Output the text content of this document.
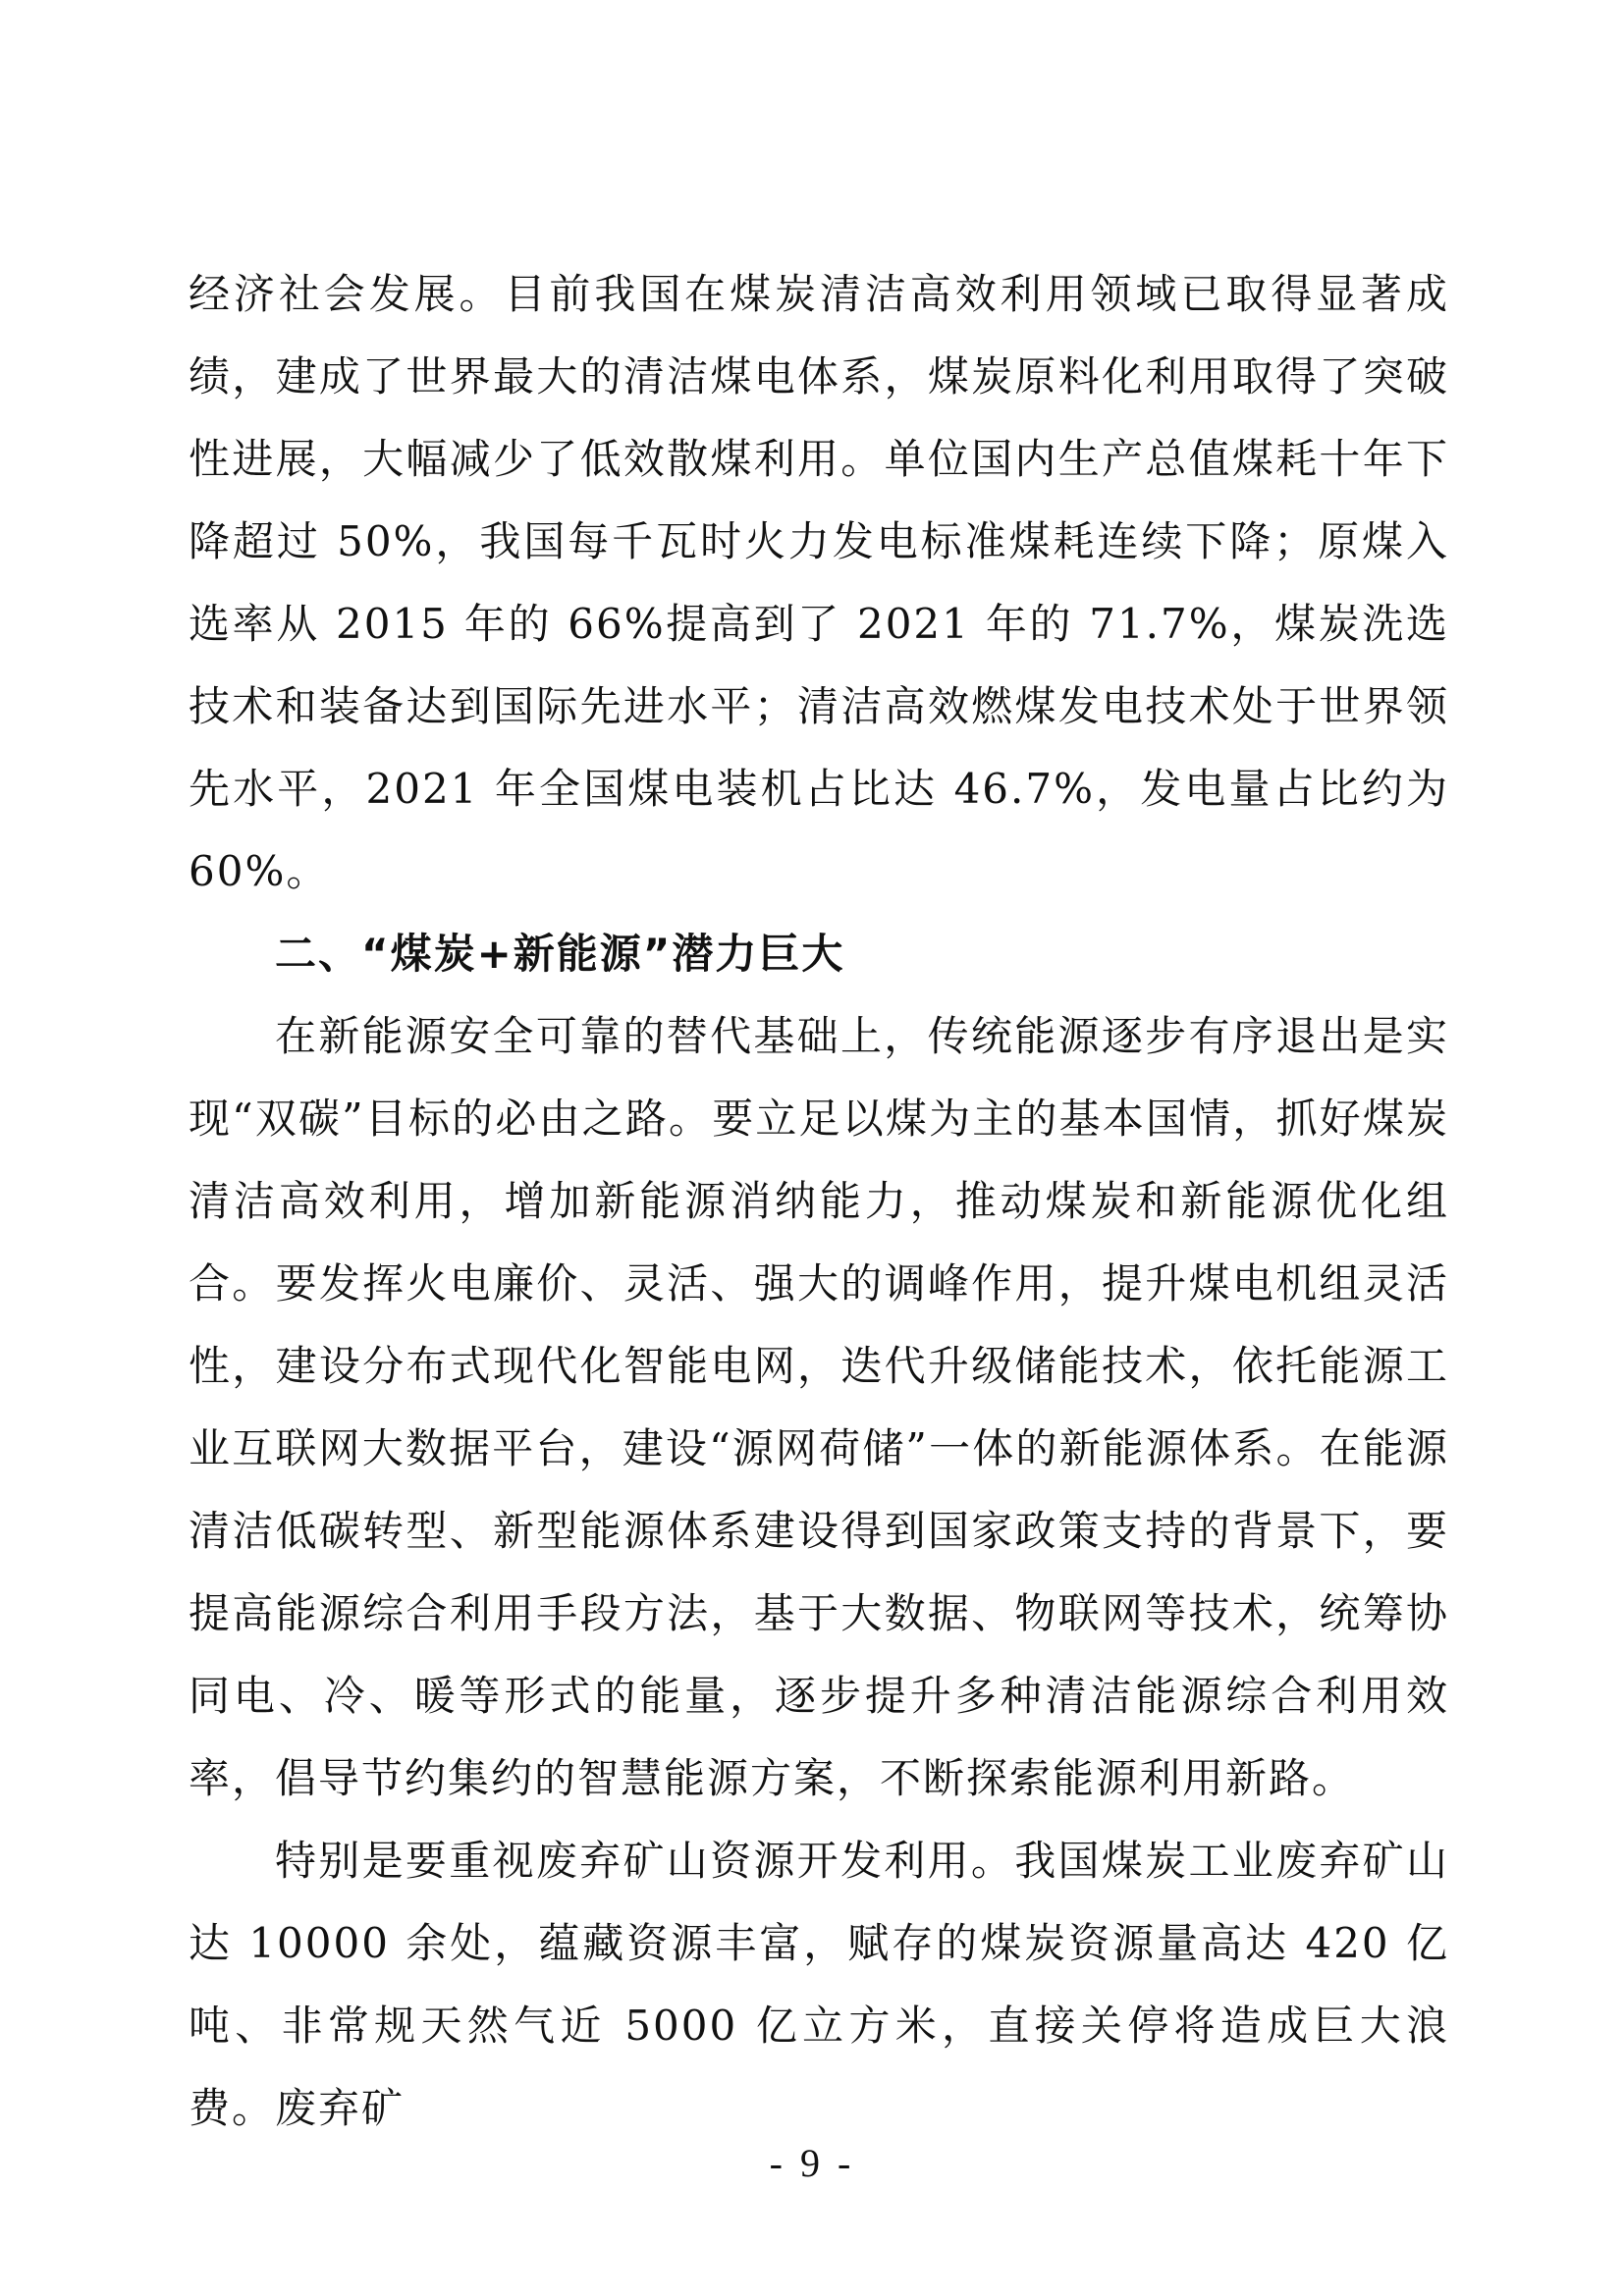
经济社会发展。目前我国在煤炭清洁高效利用领域已取得显著成绩，建成了世界最大的清洁煤电体系，煤炭原料化利用取得了突破性进展，大幅减少了低效散煤利用。单位国内生产总值煤耗十年下降超过 50%，我国每千瓦时火力发电标准煤耗连续下降；原煤入选率从 2015 年的 66%提高到了 2021 年的 71.7%，煤炭洗选技术和装备达到国际先进水平；清洁高效燃煤发电技术处于世界领先水平，2021 年全国煤电装机占比达 46.7%，发电量占比约为 60%。

二、“煤炭+新能源”潜力巨大

在新能源安全可靠的替代基础上，传统能源逐步有序退出是实现“双碳”目标的必由之路。要立足以煤为主的基本国情，抓好煤炭清洁高效利用，增加新能源消纳能力，推动煤炭和新能源优化组合。要发挥火电廉价、灵活、强大的调峰作用，提升煤电机组灵活性，建设分布式现代化智能电网，迭代升级储能技术，依托能源工业互联网大数据平台，建设“源网荷储”一体的新能源体系。在能源清洁低碳转型、新型能源体系建设得到国家政策支持的背景下，要提高能源综合利用手段方法，基于大数据、物联网等技术，统筹协同电、冷、暖等形式的能量，逐步提升多种清洁能源综合利用效率，倡导节约集约的智慧能源方案，不断探索能源利用新路。

特别是要重视废弃矿山资源开发利用。我国煤炭工业废弃矿山达 10000 余处，蕴藏资源丰富，赋存的煤炭资源量高达 420 亿吨、非常规天然气近 5000 亿立方米，直接关停将造成巨大浪费。废弃矿

- 9 -
